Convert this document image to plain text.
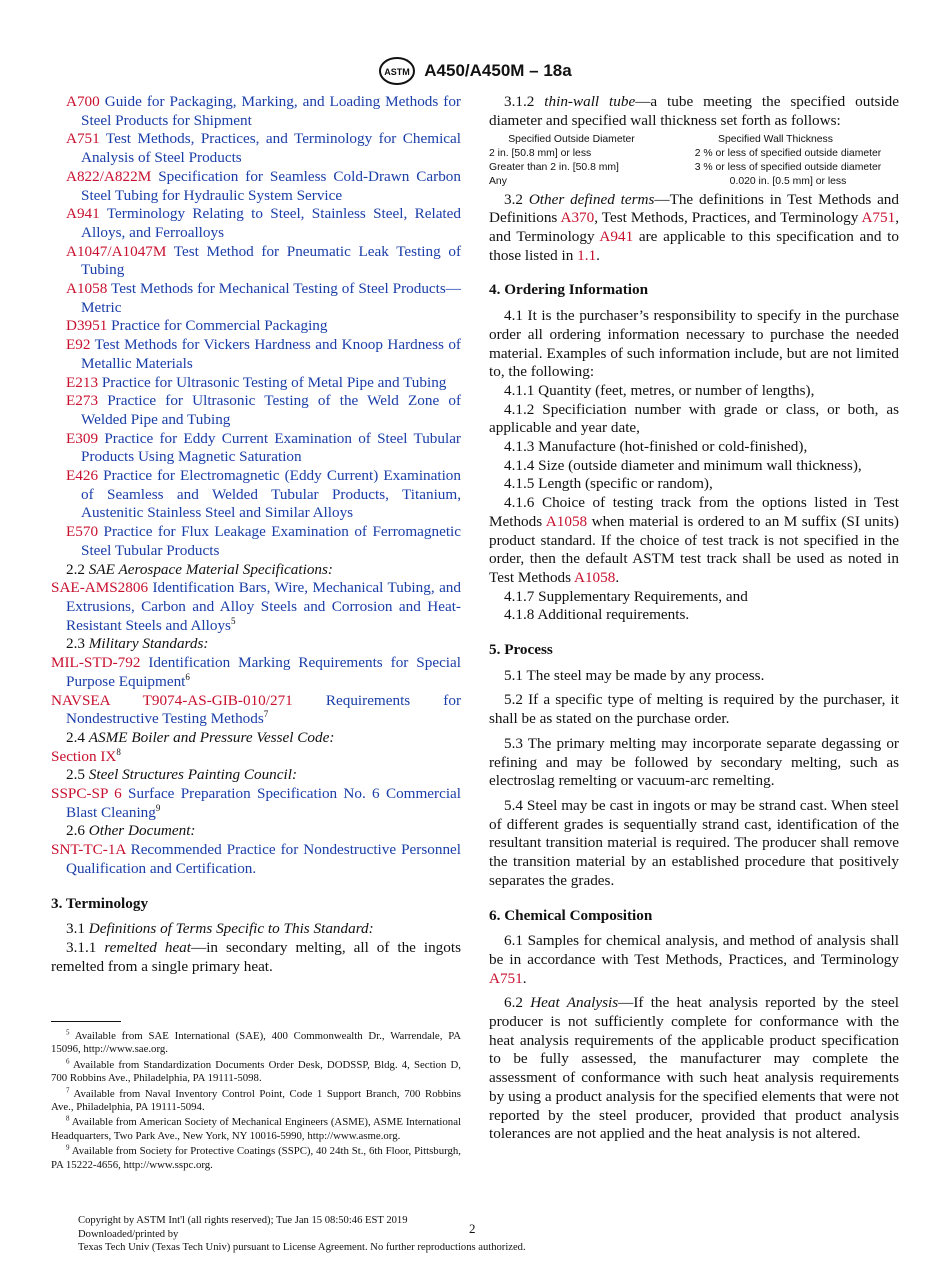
ASTM A450/A450M – 18a
A700 Guide for Packaging, Marking, and Loading Methods for Steel Products for Shipment
A751 Test Methods, Practices, and Terminology for Chemical Analysis of Steel Products
A822/A822M Specification for Seamless Cold-Drawn Carbon Steel Tubing for Hydraulic System Service
A941 Terminology Relating to Steel, Stainless Steel, Related Alloys, and Ferroalloys
A1047/A1047M Test Method for Pneumatic Leak Testing of Tubing
A1058 Test Methods for Mechanical Testing of Steel Products—Metric
D3951 Practice for Commercial Packaging
E92 Test Methods for Vickers Hardness and Knoop Hardness of Metallic Materials
E213 Practice for Ultrasonic Testing of Metal Pipe and Tubing
E273 Practice for Ultrasonic Testing of the Weld Zone of Welded Pipe and Tubing
E309 Practice for Eddy Current Examination of Steel Tubular Products Using Magnetic Saturation
E426 Practice for Electromagnetic (Eddy Current) Examination of Seamless and Welded Tubular Products, Titanium, Austenitic Stainless Steel and Similar Alloys
E570 Practice for Flux Leakage Examination of Ferromagnetic Steel Tubular Products
2.2 SAE Aerospace Material Specifications:
SAE-AMS2806 Identification Bars, Wire, Mechanical Tubing, and Extrusions, Carbon and Alloy Steels and Corrosion and Heat-Resistant Steels and Alloys$^5$
2.3 Military Standards:
MIL-STD-792 Identification Marking Requirements for Special Purpose Equipment$^6$
NAVSEA T9074-AS-GIB-010/271 Requirements for Nondestructive Testing Methods$^7$
2.4 ASME Boiler and Pressure Vessel Code:
Section $IX^8$
2.5 Steel Structures Painting Council:
SSPC-SP 6 Surface Preparation Specification No. 6 Commercial Blast Cleaning$^9$
2.6 Other Document:
SNT-TC-1A Recommended Practice for Nondestructive Personnel Qualification and Certification.
3. Terminology

3.1 Definitions of Terms Specific to This Standard:

3.1.1 remelted heat—in secondary melting, all of the ingots remelted from a single primary heat.

$^5$ Available from SAE International (SAE), 400 Commonwealth Dr., Warrendale, PA 15096, http://www.sae.org.
$^6$ Available from Standardization Documents Order Desk, DODSSP, Bldg. 4, Section D, 700 Robbins Ave., Philadelphia, PA 19111-5098.
$^7$ Available from Naval Inventory Control Point, Code 1 Support Branch, 700 Robbins Ave., Philadelphia, PA 19111-5094.
$^8$ Available from American Society of Mechanical Engineers (ASME), ASME International Headquarters, Two Park Ave., New York, NY 10016-5990, http://www.asme.org.
$^9$ Available from Society for Protective Coatings (SSPC), 40 24th St., 6th Floor, Pittsburgh, PA 15222-4656, http://www.sspc.org.

3.1.2 thin-wall tube—a tube meeting the specified outside diameter and specified wall thickness set forth as follows:

Specified Outside Diameter	Specified Wall Thickness
2 in. [50.8 mm] or less	2 % or less of specified outside diameter
Greater than 2 in. [50.8 mm]	3 % or less of specified outside diameter
Any	0.020 in. [0.5 mm] or less

3.2 Other defined terms—The definitions in Test Methods and Definitions A370, Test Methods, Practices, and Terminology A751, and Terminology A941 are applicable to this specification and to those listed in 1.1.

4. Ordering Information

4.1 It is the purchaser’s responsibility to specify in the purchase order all ordering information necessary to purchase the needed material. Examples of such information include, but are not limited to, the following:

4.1.1 Quantity (feet, metres, or number of lengths),

4.1.2 Specificiation number with grade or class, or both, as applicable and year date,

4.1.3 Manufacture (hot-finished or cold-finished),

4.1.4 Size (outside diameter and minimum wall thickness),

4.1.5 Length (specific or random),

4.1.6 Choice of testing track from the options listed in Test Methods A1058 when material is ordered to an M suffix (SI units) product standard. If the choice of test track is not specified in the order, then the default ASTM test track shall be used as noted in Test Methods A1058.

4.1.7 Supplementary Requirements, and

4.1.8 Additional requirements.

5. Process

5.1 The steel may be made by any process.

5.2 If a specific type of melting is required by the purchaser, it shall be as stated on the purchase order.

5.3 The primary melting may incorporate separate degassing or refining and may be followed by secondary melting, such as electroslag remelting or vacuum-arc remelting.

5.4 Steel may be cast in ingots or may be strand cast. When steel of different grades is sequentially strand cast, identification of the resultant transition material is required. The producer shall remove the transition material by an established procedure that positively separates the grades.

6. Chemical Composition

6.1 Samples for chemical analysis, and method of analysis shall be in accordance with Test Methods, Practices, and Terminology A751.

6.2 Heat Analysis—If the heat analysis reported by the steel producer is not sufficiently complete for conformance with the heat analysis requirements of the applicable product specification to be fully assessed, the manufacturer may complete the assessment of conformance with such heat analysis requirements by using a product analysis for the specified elements that were not reported by the steel producer, provided that product analysis tolerances are not applied and the heat analysis is not altered.

2
Copyright by ASTM Int'l (all rights reserved); Tue Jan 15 08:50:46 EST 2019
Downloaded/printed by
Texas Tech Univ (Texas Tech Univ) pursuant to License Agreement. No further reproductions authorized.
